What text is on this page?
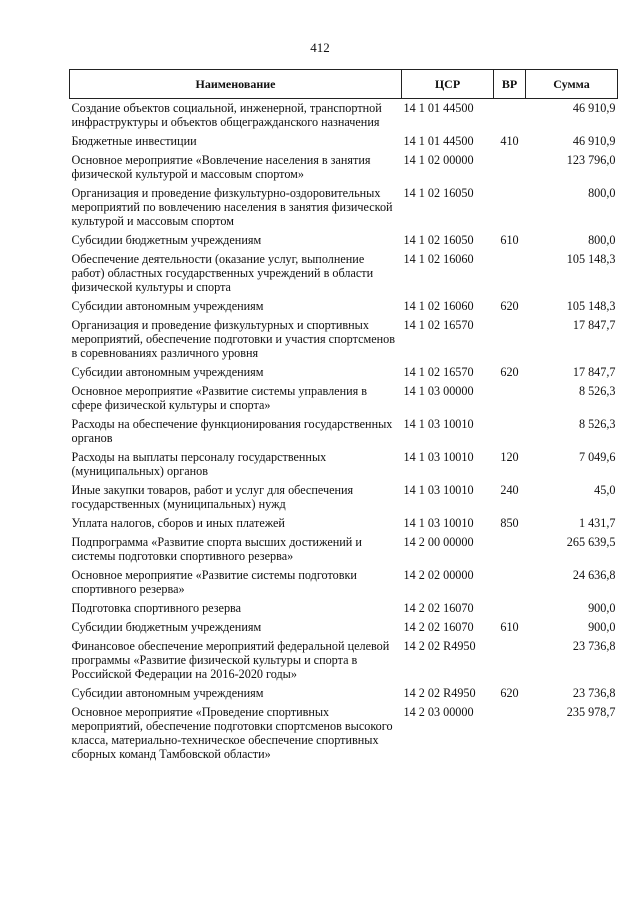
412
Наименование	ЦСР	ВР	Сумма
Создание объектов социальной, инженерной, транспортной инфраструктуры и объектов общегражданского назначения	14 1 01 44500		46 910,9
Бюджетные инвестиции	14 1 01 44500	410	46 910,9
Основное мероприятие «Вовлечение населения в занятия физической культурой и массовым спортом»	14 1 02 00000		123 796,0
Организация и проведение физкультурно-оздоровительных мероприятий по вовлечению населения в занятия физической культурой и массовым спортом	14 1 02 16050		800,0
Субсидии бюджетным учреждениям	14 1 02 16050	610	800,0
Обеспечение деятельности (оказание услуг, выполнение работ) областных государственных учреждений в области физической культуры и спорта	14 1 02 16060		105 148,3
Субсидии автономным учреждениям	14 1 02 16060	620	105 148,3
Организация и проведение физкультурных и спортивных мероприятий, обеспечение подготовки и участия спортсменов в соревнованиях различного уровня	14 1 02 16570		17 847,7
Субсидии автономным учреждениям	14 1 02 16570	620	17 847,7
Основное мероприятие «Развитие системы управления в сфере физической культуры и спорта»	14 1 03 00000		8 526,3
Расходы на обеспечение функционирования государственных органов	14 1 03 10010		8 526,3
Расходы на выплаты персоналу государственных (муниципальных) органов	14 1 03 10010	120	7 049,6
Иные закупки товаров, работ и услуг для обеспечения государственных (муниципальных) нужд	14 1 03 10010	240	45,0
Уплата налогов, сборов и иных платежей	14 1 03 10010	850	1 431,7
Подпрограмма «Развитие спорта высших достижений и системы подготовки спортивного резерва»	14 2 00 00000		265 639,5
Основное мероприятие «Развитие системы подготовки спортивного резерва»	14 2 02 00000		24 636,8
Подготовка спортивного резерва	14 2 02 16070		900,0
Субсидии бюджетным учреждениям	14 2 02 16070	610	900,0
Финансовое обеспечение мероприятий федеральной целевой программы «Развитие физической культуры и спорта в Российской Федерации на 2016-2020 годы»	14 2 02 R4950		23 736,8
Субсидии автономным учреждениям	14 2 02 R4950	620	23 736,8
Основное мероприятие «Проведение спортивных мероприятий, обеспечение подготовки спортсменов высокого класса, материально-техническое обеспечение спортивных сборных команд Тамбовской области»	14 2 03 00000		235 978,7
